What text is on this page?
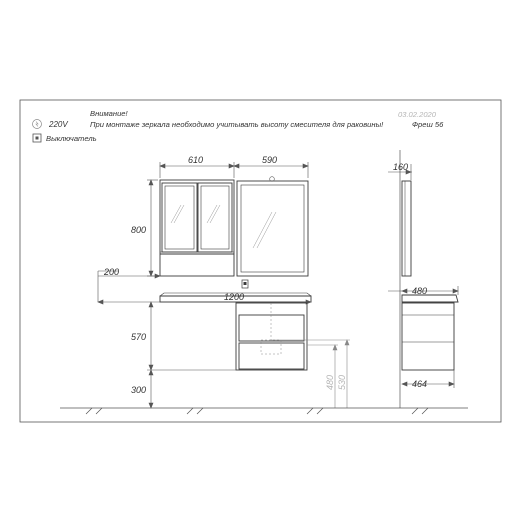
220V
Внимание!
При монтаже зеркала необходимо учитывать высоту смесителя для раковины!	Фреш 56
03.02.2020
Выключатель
610	590
800
200
1200
570
300	480 530
160
480
464
